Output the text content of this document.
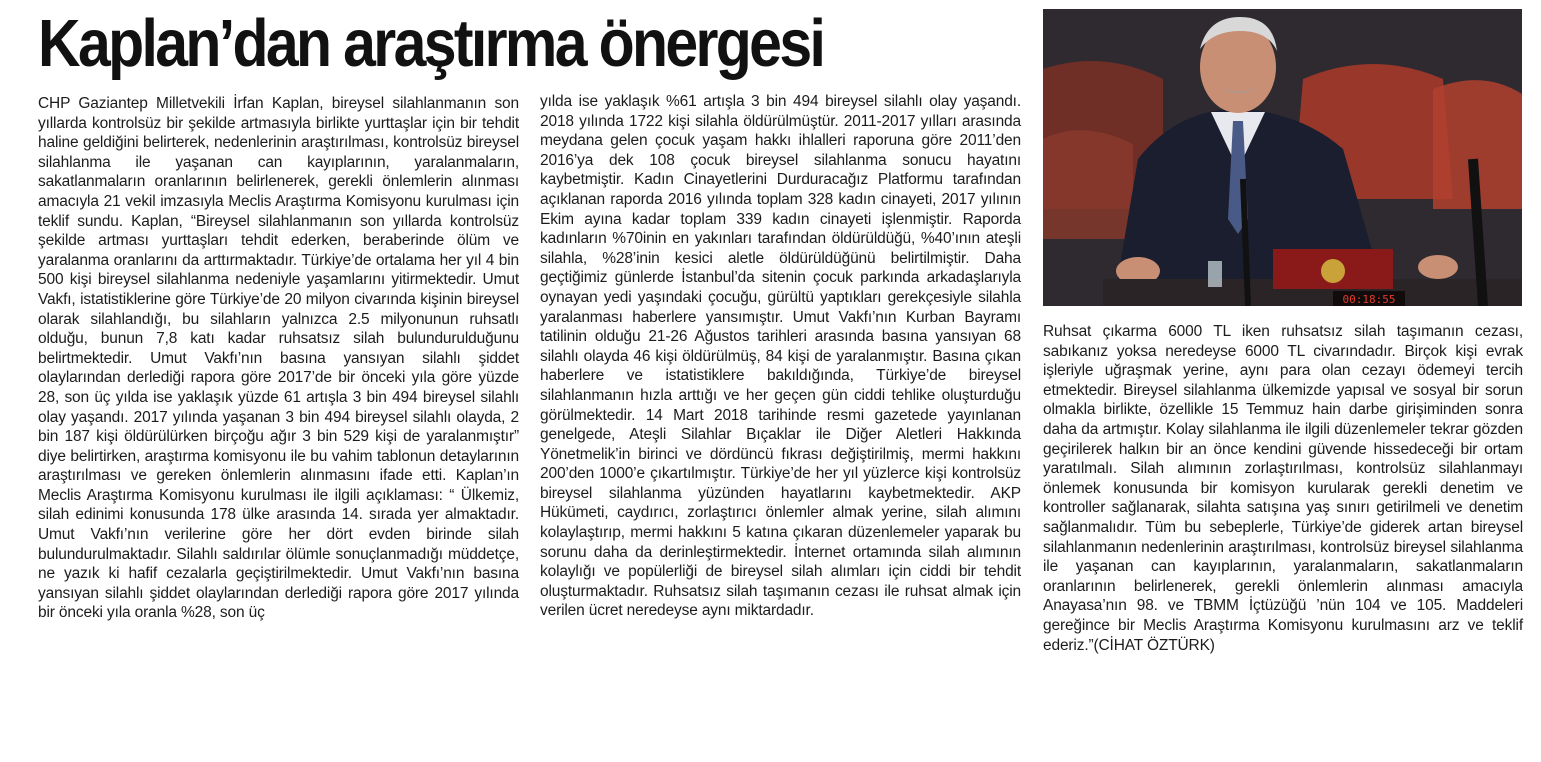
Kaplan’dan araştırma önergesi

CHP Gaziantep Milletvekili İrfan Kaplan, bireysel silahlanmanın son yıllarda kontrolsüz bir şekilde artmasıyla birlikte yurttaşlar için bir tehdit haline geldiğini belirterek, nedenlerinin araştırılması, kontrolsüz bireysel silahlanma ile yaşanan can kayıplarının, yaralanmaların, sakatlanmaların oranlarının belirlenerek, gerekli önlemlerin alınması amacıyla 21 vekil imzasıyla Meclis Araştırma Komisyonu kurulması için teklif sundu. Kaplan, “Bireysel silahlanmanın son yıllarda kontrolsüz şekilde artması yurttaşları tehdit ederken, beraberinde ölüm ve yaralanma oranlarını da arttırmaktadır. Türkiye’de ortalama her yıl 4 bin 500 kişi bireysel silahlanma nedeniyle yaşamlarını yitirmektedir. Umut Vakfı, istatistiklerine göre Türkiye’de 20 milyon civarında kişinin bireysel olarak silahlandığı, bu silahların yalnızca 2.5 milyonunun ruhsatlı olduğu, bunun 7,8 katı kadar ruhsatsız silah bulundurulduğunu belirtmektedir. Umut Vakfı’nın basına yansıyan silahlı şiddet olaylarından derlediği rapora göre 2017’de bir önceki yıla göre yüzde 28, son üç yılda ise yaklaşık yüzde 61 artışla 3 bin 494 bireysel silahlı olay yaşandı. 2017 yılında yaşanan 3 bin 494 bireysel silahlı olayda, 2 bin 187 kişi öldürülürken birçoğu ağır 3 bin 529 kişi de yaralanmıştır” diye belirtirken, araştırma komisyonu ile bu vahim tablonun detaylarının araştırılması ve gereken önlemlerin alınmasını ifade etti. Kaplan’ın Meclis Araştırma Komisyonu kurulması ile ilgili açıklaması: “ Ülkemiz, silah edinimi konusunda 178 ülke arasında 14. sırada yer almaktadır. Umut Vakfı’nın verilerine göre her dört evden birinde silah bulundurulmaktadır. Silahlı saldırılar ölümle sonuçlanmadığı müddetçe, ne yazık ki hafif cezalarla geçiştirilmektedir. Umut Vakfı’nın basına yansıyan silahlı şiddet olaylarından derlediği rapora göre 2017 yılında bir önceki yıla oranla %28, son üç

yılda ise yaklaşık %61 artışla 3 bin 494 bireysel silahlı olay yaşandı. 2018 yılında 1722 kişi silahla öldürülmüştür. 2011-2017 yılları arasında meydana gelen çocuk yaşam hakkı ihlalleri raporuna göre 2011’den 2016’ya dek 108 çocuk bireysel silahlanma sonucu hayatını kaybetmiştir. Kadın Cinayetlerini Durduracağız Platformu tarafından açıklanan raporda 2016 yılında toplam 328 kadın cinayeti, 2017 yılının Ekim ayına kadar toplam 339 kadın cinayeti işlenmiştir. Raporda kadınların %70inin en yakınları tarafından öldürüldüğü, %40’ının ateşli silahla, %28’inin kesici aletle öldürüldüğünü belirtilmiştir. Daha geçtiğimiz günlerde İstanbul’da sitenin çocuk parkında arkadaşlarıyla oynayan yedi yaşındaki çocuğu, gürültü yaptıkları gerekçesiyle silahla yaralanması haberlere yansımıştır. Umut Vakfı’nın Kurban Bayramı tatilinin olduğu 21-26 Ağustos tarihleri arasında basına yansıyan 68 silahlı olayda 46 kişi öldürülmüş, 84 kişi de yaralanmıştır. Basına çıkan haberlere ve istatistiklere bakıldığında, Türkiye’de bireysel silahlanmanın hızla arttığı ve her geçen gün ciddi tehlike oluşturduğu görülmektedir. 14 Mart 2018 tarihinde resmi gazetede yayınlanan genelgede, Ateşli Silahlar Bıçaklar ile Diğer Aletleri Hakkında Yönetmelik’in birinci ve dördüncü fıkrası değiştirilmiş, mermi hakkını 200’den 1000’e çıkartılmıştır. Türkiye’de her yıl yüzlerce kişi kontrolsüz bireysel silahlanma yüzünden hayatlarını kaybetmektedir. AKP Hükümeti, caydırıcı, zorlaştırıcı önlemler almak yerine, silah alımını kolaylaştırıp, mermi hakkını 5 katına çıkaran düzenlemeler yaparak bu sorunu daha da derinleştirmektedir. İnternet ortamında silah alımının kolaylığı ve popülerliği de bireysel silah alımları için ciddi bir tehdit oluşturmaktadır. Ruhsatsız silah taşımanın cezası ile ruhsat almak için verilen ücret neredeyse aynı miktardadır.

00:18:55

Ruhsat çıkarma 6000 TL iken ruhsatsız silah taşımanın cezası, sabıkanız yoksa neredeyse 6000 TL civarındadır. Birçok kişi evrak işleriyle uğraşmak yerine, aynı para olan cezayı ödemeyi tercih etmektedir. Bireysel silahlanma ülkemizde yapısal ve sosyal bir sorun olmakla birlikte, özellikle 15 Temmuz hain darbe girişiminden sonra daha da artmıştır. Kolay silahlanma ile ilgili düzenlemeler tekrar gözden geçirilerek halkın bir an önce kendini güvende hissedeceği bir ortam yaratılmalı. Silah alımının zorlaştırılması, kontrolsüz silahlanmayı önlemek konusunda bir komisyon kurularak gerekli denetim ve kontroller sağlanarak, silahta satışına yaş sınırı getirilmeli ve denetim sağlanmalıdır. Tüm bu sebeplerle, Türkiye’de giderek artan bireysel silahlanmanın nedenlerinin araştırılması, kontrolsüz bireysel silahlanma ile yaşanan can kayıplarının, yaralanmaların, sakatlanmaların oranlarının belirlenerek, gerekli önlemlerin alınması amacıyla Anayasa’nın 98. ve TBMM İçtüzüğü ’nün 104 ve 105. Maddeleri gereğince bir Meclis Araştırma Komisyonu kurulmasını arz ve teklif ederiz.”(CİHAT ÖZTÜRK)
